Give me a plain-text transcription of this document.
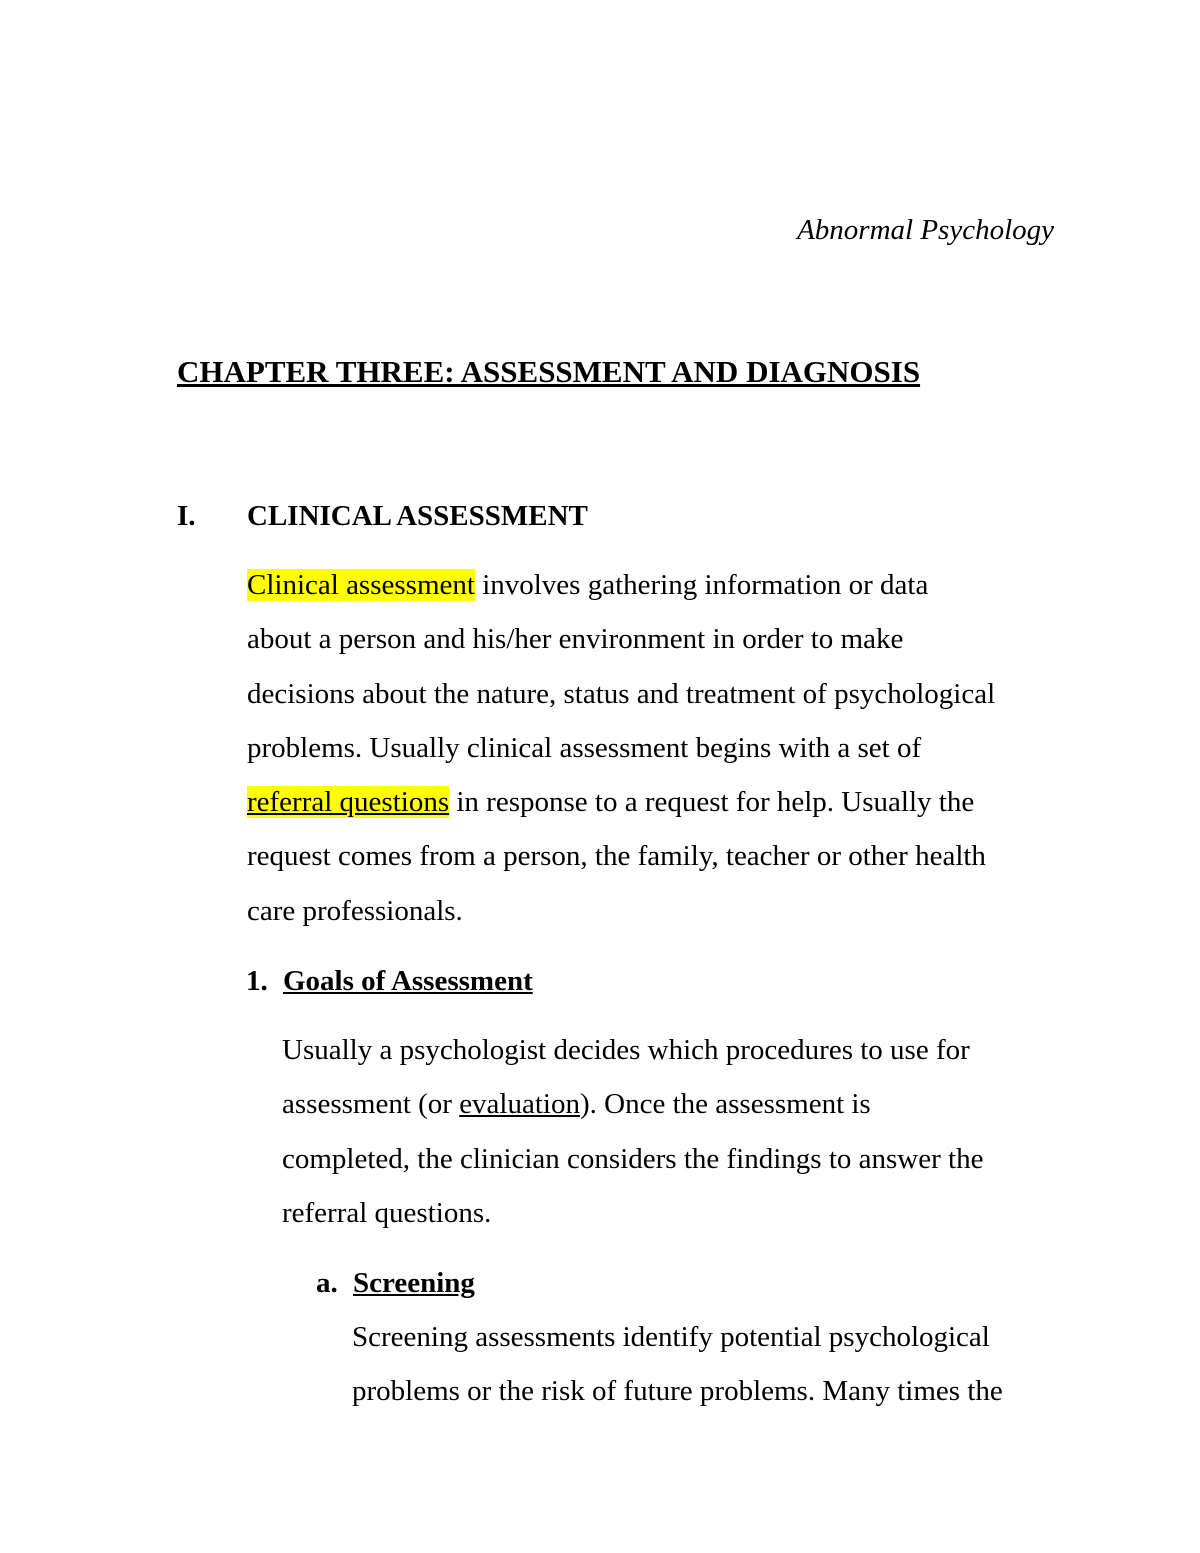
Abnormal Psychology
CHAPTER THREE: ASSESSMENT AND DIAGNOSIS
I. CLINICAL ASSESSMENT
Clinical assessment involves gathering information or data
about a person and his/her environment in order to make
decisions about the nature, status and treatment of psychological
problems. Usually clinical assessment begins with a set of
referral questions in response to a request for help. Usually the
request comes from a person, the family, teacher or other health
care professionals.
1. Goals of Assessment
Usually a psychologist decides which procedures to use for
assessment (or evaluation). Once the assessment is
completed, the clinician considers the findings to answer the
referral questions.
a. Screening
Screening assessments identify potential psychological
problems or the risk of future problems. Many times the
